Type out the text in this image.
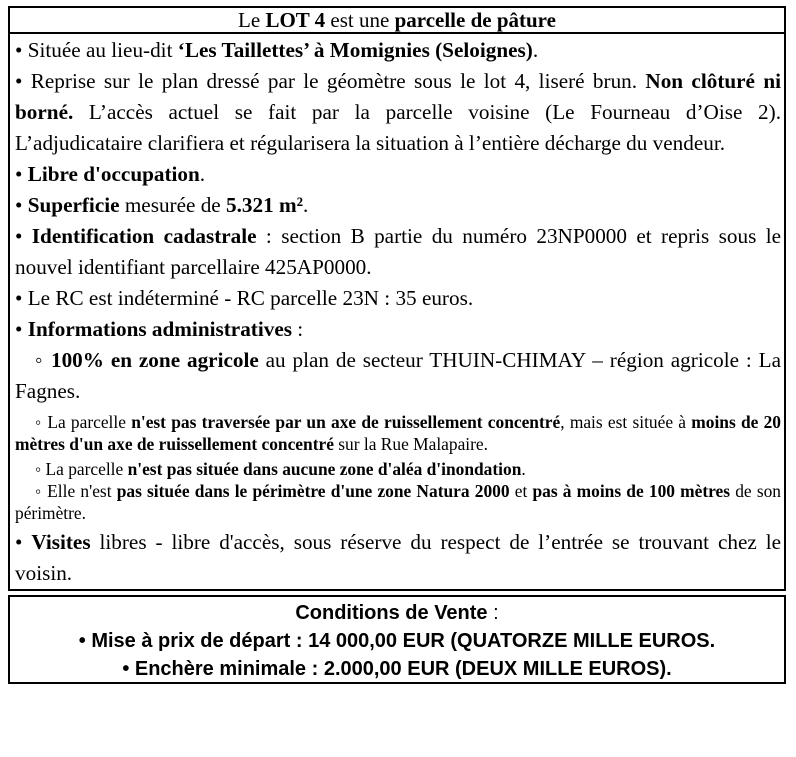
Le LOT 4 est une parcelle de pâture
• Située au lieu-dit ‘Les Taillettes’ à Momignies (Seloignes).
• Reprise sur le plan dressé par le géomètre sous le lot 4, liseré brun. Non clôturé ni borné. L’accès actuel se fait par la parcelle voisine (Le Fourneau d’Oise 2). L’adjudicataire clarifiera et régularisera la situation à l’entière décharge du vendeur.
• Libre d'occupation.
• Superficie mesurée de 5.321 m².
• Identification cadastrale : section B partie du numéro 23NP0000 et repris sous le nouvel identifiant parcellaire 425AP0000.
• Le RC est indéterminé - RC parcelle 23N : 35 euros.
• Informations administratives :
◦ 100% en zone agricole au plan de secteur THUIN-CHIMAY – région agricole : La Fagnes.
◦ La parcelle n'est pas traversée par un axe de ruissellement concentré, mais est située à moins de 20 mètres d'un axe de ruissellement concentré sur la Rue Malapaire.
◦ La parcelle n'est pas située dans aucune zone d'aléa d'inondation.
◦ Elle n'est pas située dans le périmètre d'une zone Natura 2000 et pas à moins de 100 mètres de son périmètre.
• Visites libres - libre d'accès, sous réserve du respect de l’entrée se trouvant chez le voisin.
Conditions de Vente :
• Mise à prix de départ : 14 000,00 EUR (QUATORZE MILLE EUROS.
• Enchère minimale : 2.000,00 EUR (DEUX MILLE EUROS).
